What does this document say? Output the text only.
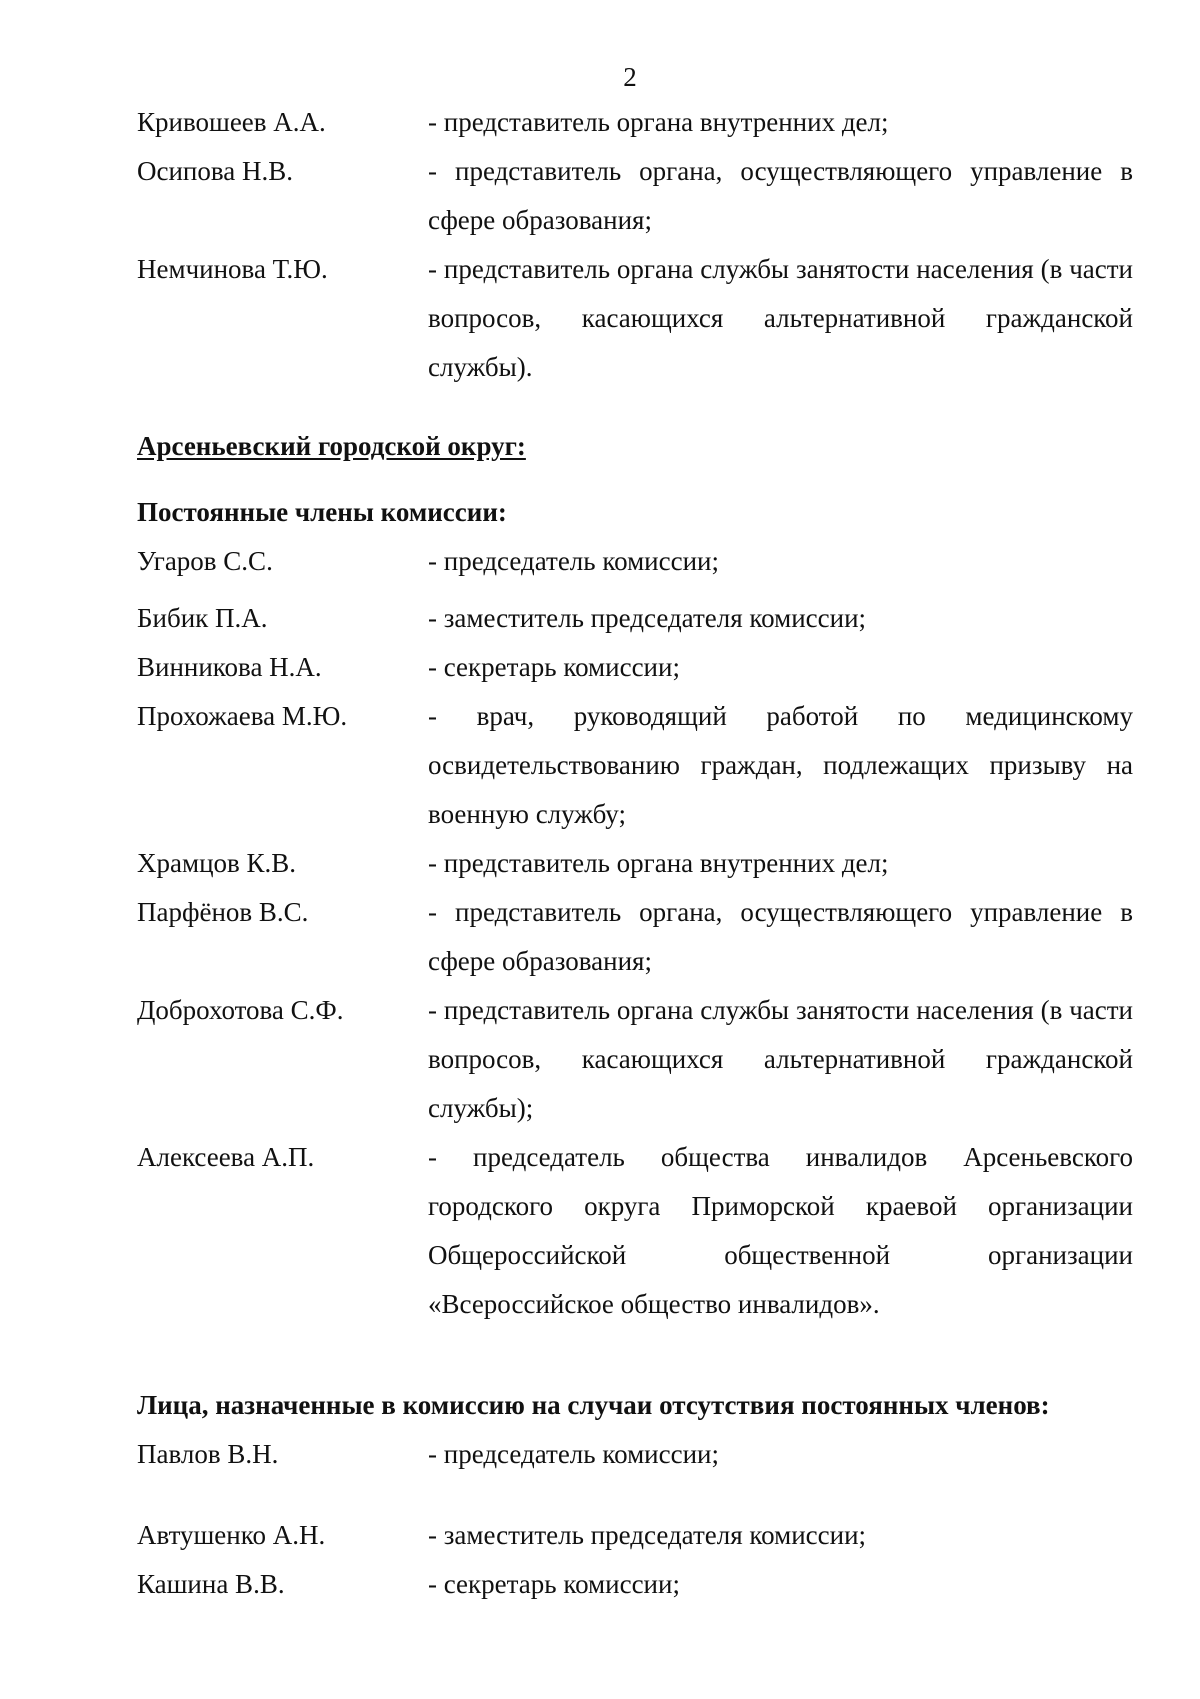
2
Кривошеев А.А.	- представитель органа внутренних дел;
Осипова Н.В.	- представитель органа, осуществляющего управление в сфере образования;
Немчинова Т.Ю.	- представитель органа службы занятости населения (в части вопросов, касающихся альтернативной гражданской службы).
Арсеньевский городской округ:
Постоянные члены комиссии:
Угаров С.С.	- председатель комиссии;
Бибик П.А.	- заместитель председателя комиссии;
Винникова Н.А.	- секретарь комиссии;
Прохожаева М.Ю.	- врач, руководящий работой по медицинскому освидетельствованию граждан, подлежащих призыву на военную службу;
Храмцов К.В.	- представитель органа внутренних дел;
Парфёнов В.С.	- представитель органа, осуществляющего управление в сфере образования;
Доброхотова С.Ф.	- представитель органа службы занятости населения (в части вопросов, касающихся альтернативной гражданской службы);
Алексеева А.П.	- председатель общества инвалидов Арсеньевского городского округа Приморской краевой организации Общероссийской общественной организации «Всероссийское общество инвалидов».
Лица, назначенные в комиссию на случаи отсутствия постоянных членов:
Павлов В.Н.	- председатель комиссии;
Автушенко А.Н.	- заместитель председателя комиссии;
Кашина В.В.	- секретарь комиссии;
